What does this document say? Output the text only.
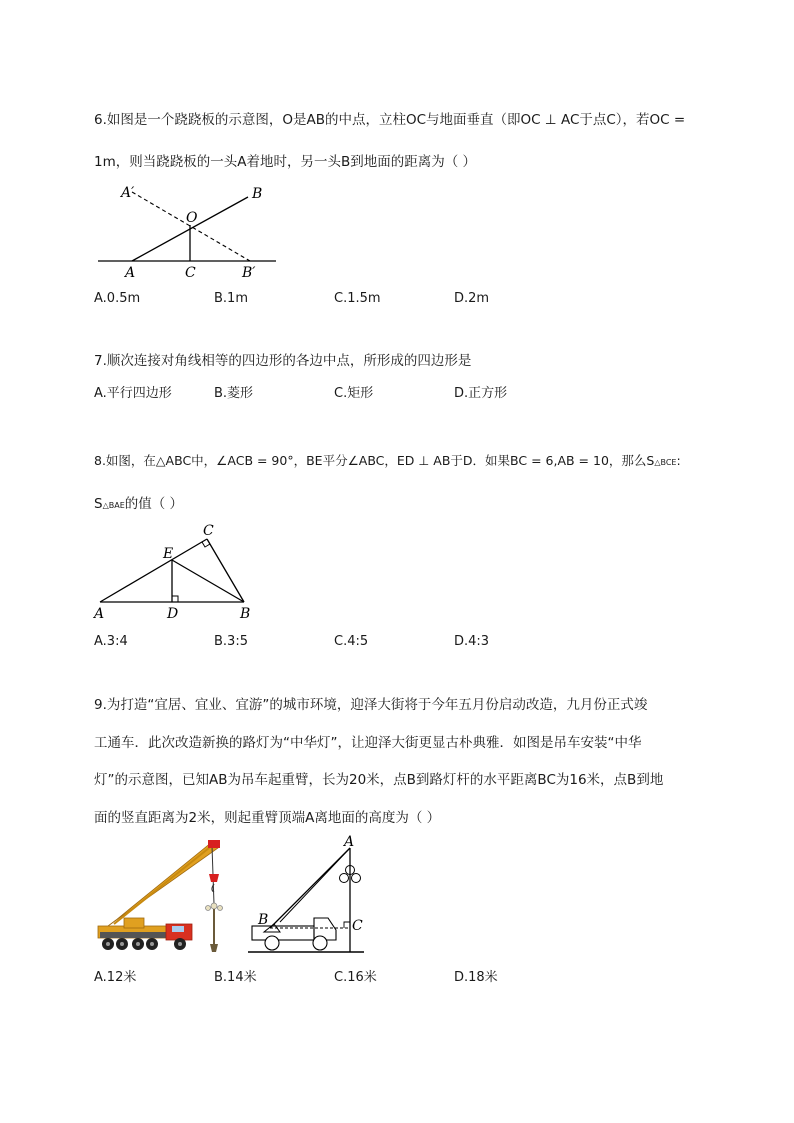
6.如图是一个跷跷板的示意图，O是AB的中点，立柱OC与地面垂直（即OC ⊥ AC于点C），若OC =
1m，则当跷跷板的一头A着地时，另一头B到地面的距离为（ ）
A′	B
O
A	C	B′
A.0.5m	B.1m	C.1.5m	D.2m
7.顺次连接对角线相等的四边形的各边中点，所形成的四边形是
A.平行四边形	B.菱形	C.矩形	D.正方形
8.如图，在△ABC中，∠ACB = 90°，BE平分∠ABC，ED ⊥ AB于D．如果BC = 6,AB = 10，那么S△BCE:
S△BAE的值（ ）
C
E
A	D	B
A.3:4	B.3:5	C.4:5	D.4:3
9.为打造“宜居、宜业、宜游”的城市环境，迎泽大街将于今年五月份启动改造，九月份正式竣
工通车．此次改造新换的路灯为“中华灯”，让迎泽大街更显古朴典雅．如图是吊车安装“中华
灯”的示意图，已知AB为吊车起重臂，长为20米，点B到路灯杆的水平距离BC为16米，点B到地
面的竖直距离为2米，则起重臂顶端A离地面的高度为（ ）
A
B	C
A.12米	B.14米	C.16米	D.18米
